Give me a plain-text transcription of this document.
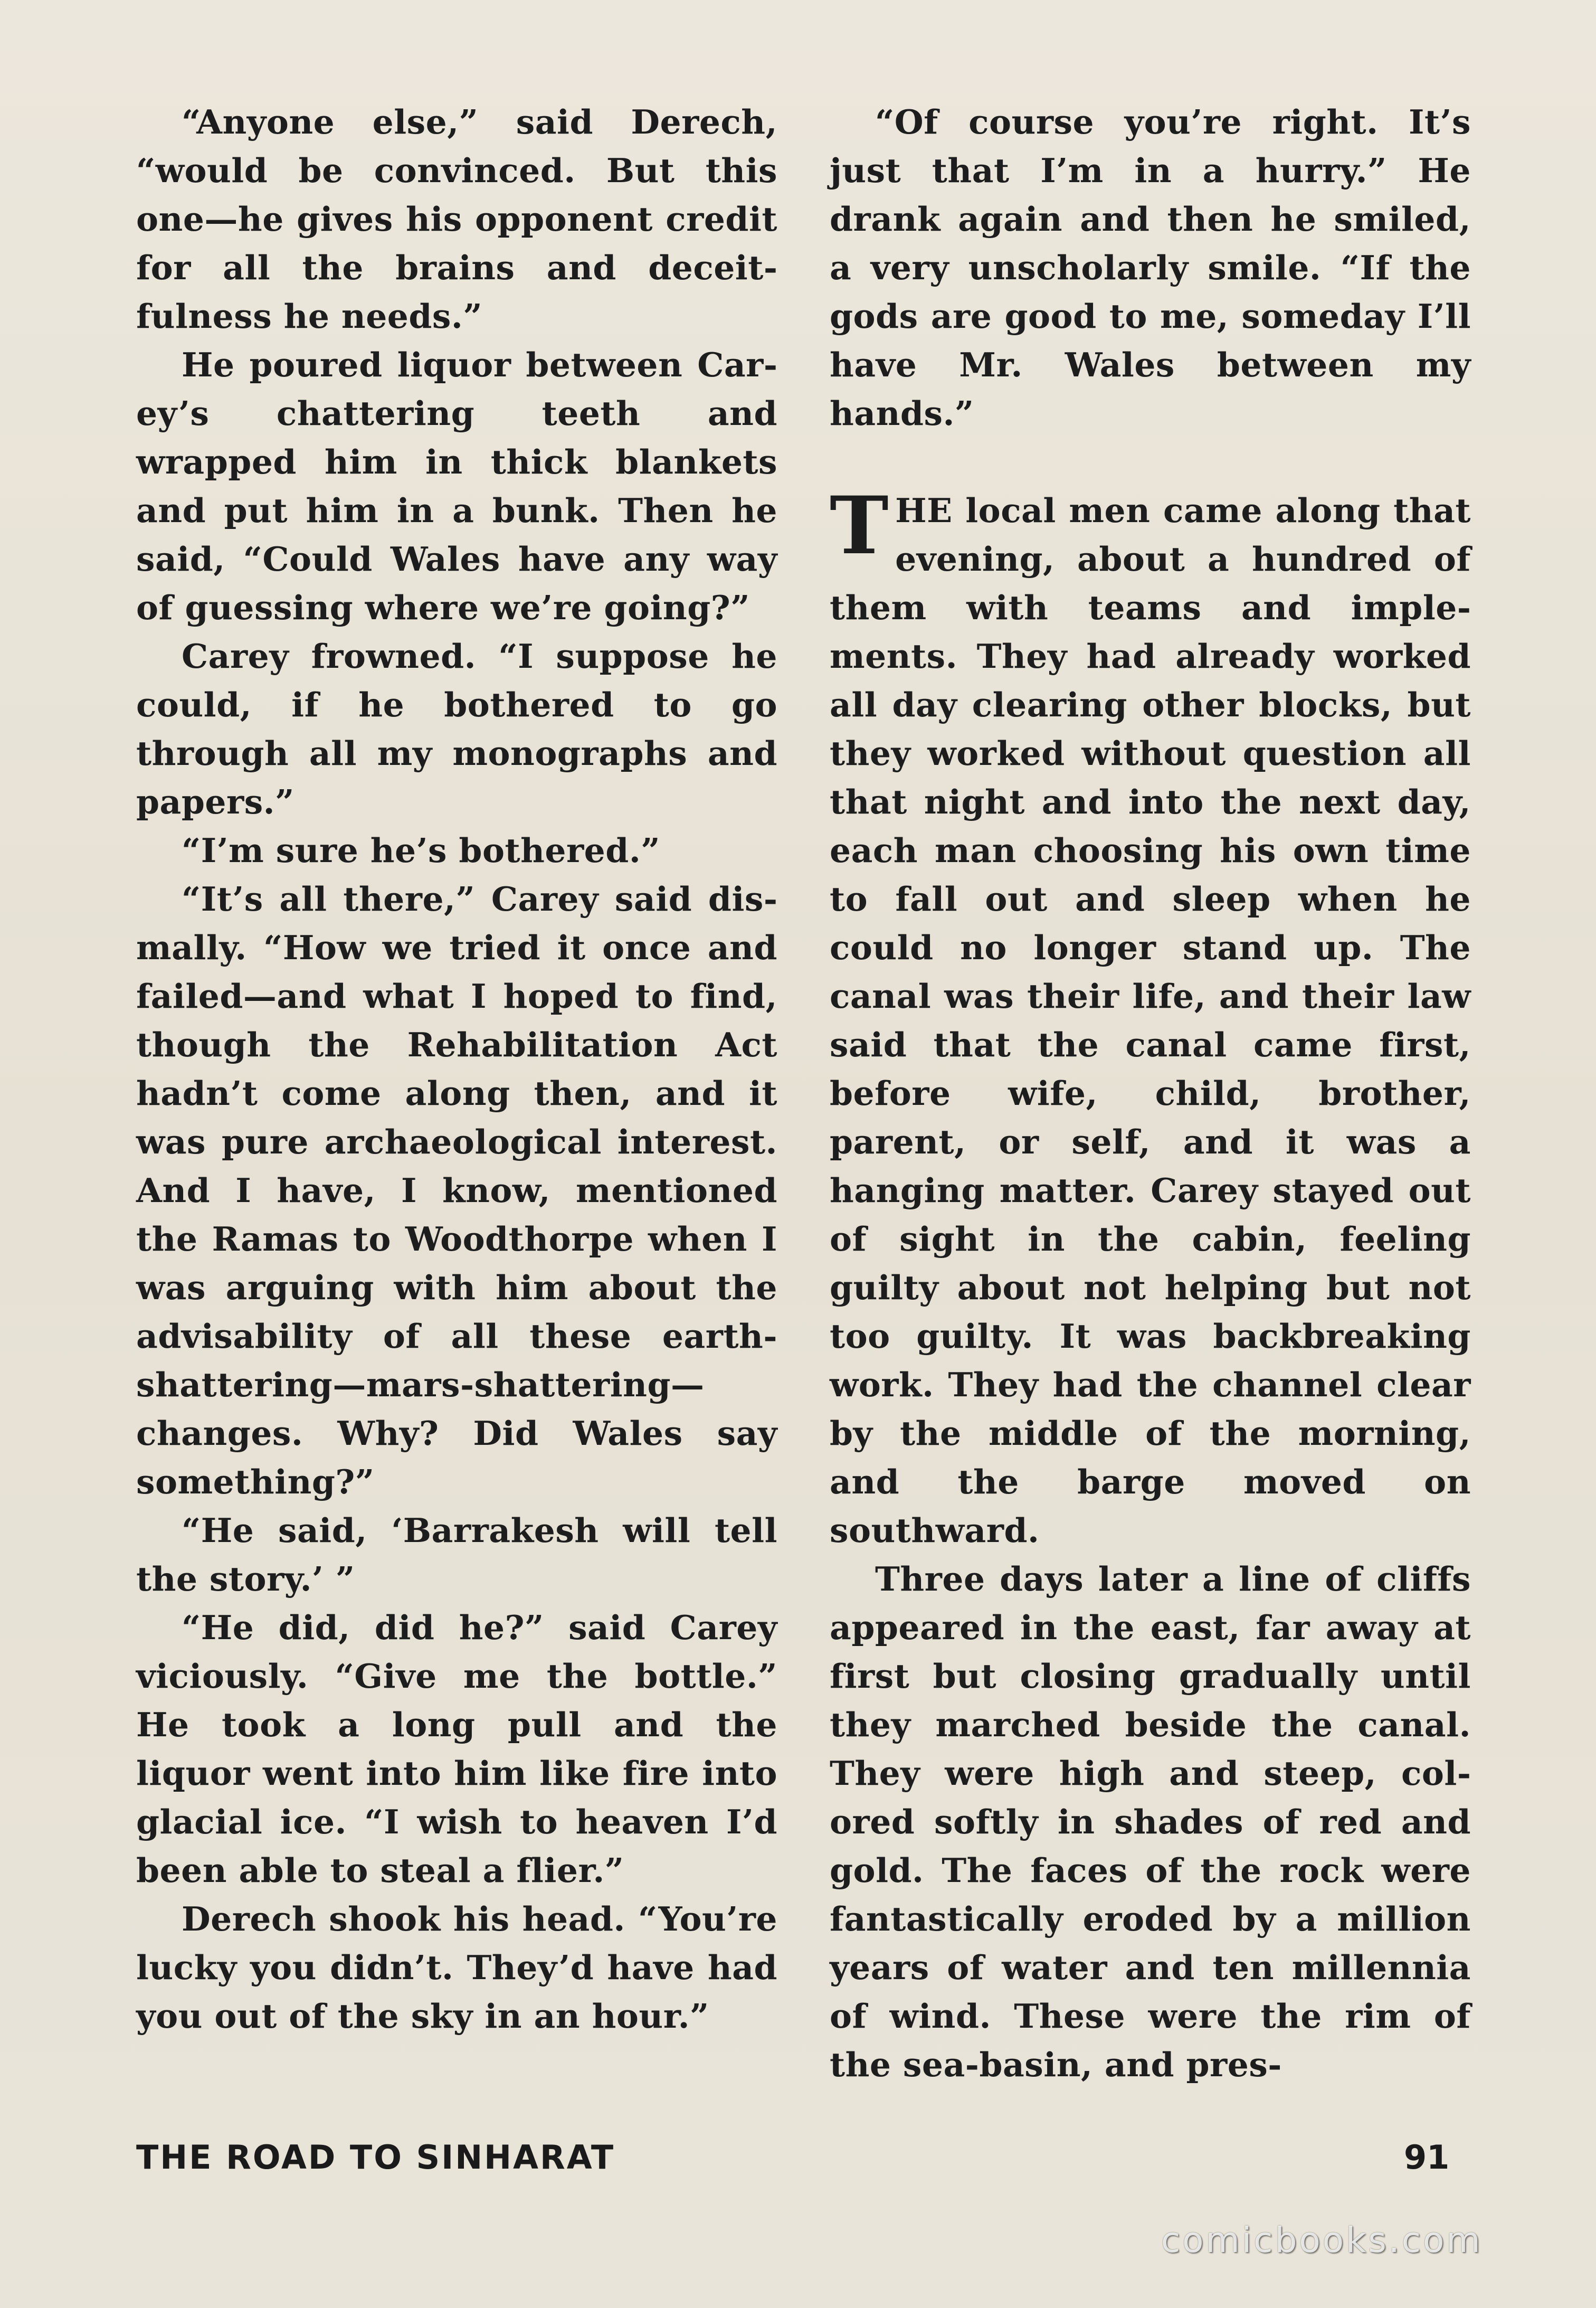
“Anyone else,” said Derech, “would be convinced. But this one—he gives his opponent credit for all the brains and deceitfulness he needs.”

He poured liquor between Carey’s chattering teeth and wrapped him in thick blankets and put him in a bunk. Then he said, “Could Wales have any way of guessing where we’re going?”

Carey frowned. “I suppose he could, if he bothered to go through all my monographs and papers.”

“I’m sure he’s bothered.”

“It’s all there,” Carey said dismally. “How we tried it once and failed—and what I hoped to find, though the Rehabilitation Act hadn’t come along then, and it was pure archaeological interest. And I have, I know, mentioned the Ramas to Woodthorpe when I was arguing with him about the advisability of all these earth-shattering—mars-shattering—changes. Why? Did Wales say something?”

“He said, ‘Barrakesh will tell the story.’ ”

“He did, did he?” said Carey viciously. “Give me the bottle.” He took a long pull and the liquor went into him like fire into glacial ice. “I wish to heaven I’d been able to steal a flier.”

Derech shook his head. “You’re lucky you didn’t. They’d have had you out of the sky in an hour.”

“Of course you’re right. It’s just that I’m in a hurry.” He drank again and then he smiled, a very unscholarly smile. “If the gods are good to me, someday I’ll have Mr. Wales between my hands.”

THE local men came along that evening, about a hundred of them with teams and implements. They had already worked all day clearing other blocks, but they worked without question all that night and into the next day, each man choosing his own time to fall out and sleep when he could no longer stand up. The canal was their life, and their law said that the canal came first, before wife, child, brother, parent, or self, and it was a hanging matter. Carey stayed out of sight in the cabin, feeling guilty about not helping but not too guilty. It was backbreaking work. They had the channel clear by the middle of the morning, and the barge moved on southward.

Three days later a line of cliffs appeared in the east, far away at first but closing gradually until they marched beside the canal. They were high and steep, colored softly in shades of red and gold. The faces of the rock were fantastically eroded by a million years of water and ten millennia of wind. These were the rim of the sea-basin, and pres-

THE ROAD TO SINHARAT	91
comicbooks.com
